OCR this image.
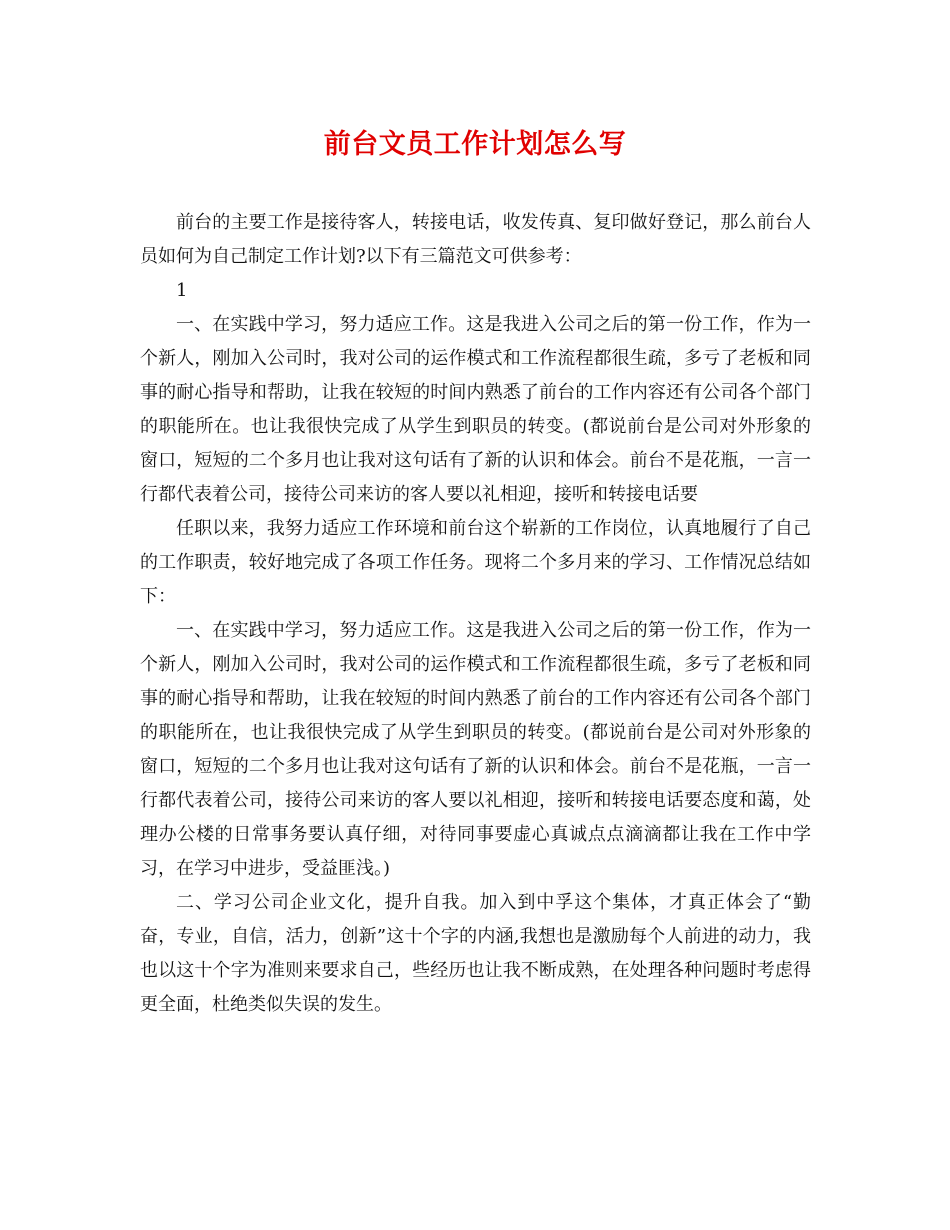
前台文员工作计划怎么写

前台的主要工作是接待客人，转接电话，收发传真、复印做好登记，那么前台人员如何为自己制定工作计划?以下有三篇范文可供参考：

1

一、在实践中学习，努力适应工作。这是我进入公司之后的第一份工作，作为一个新人，刚加入公司时，我对公司的运作模式和工作流程都很生疏，多亏了老板和同事的耐心指导和帮助，让我在较短的时间内熟悉了前台的工作内容还有公司各个部门的职能所在。也让我很快完成了从学生到职员的转变。(都说前台是公司对外形象的窗口，短短的二个多月也让我对这句话有了新的认识和体会。前台不是花瓶，一言一行都代表着公司，接待公司来访的客人要以礼相迎，接听和转接电话要

任职以来，我努力适应工作环境和前台这个崭新的工作岗位，认真地履行了自己的工作职责，较好地完成了各项工作任务。现将二个多月来的学习、工作情况总结如下：

一、在实践中学习，努力适应工作。这是我进入公司之后的第一份工作，作为一个新人，刚加入公司时，我对公司的运作模式和工作流程都很生疏，多亏了老板和同事的耐心指导和帮助，让我在较短的时间内熟悉了前台的工作内容还有公司各个部门的职能所在，也让我很快完成了从学生到职员的转变。(都说前台是公司对外形象的窗口，短短的二个多月也让我对这句话有了新的认识和体会。前台不是花瓶，一言一行都代表着公司，接待公司来访的客人要以礼相迎，接听和转接电话要态度和蔼，处理办公楼的日常事务要认真仔细，对待同事要虚心真诚点点滴滴都让我在工作中学习，在学习中进步，受益匪浅。)

二、学习公司企业文化，提升自我。加入到中孚这个集体，才真正体会了“勤奋，专业，自信，活力，创新”这十个字的内涵,我想也是激励每个人前进的动力，我也以这十个字为准则来要求自己，些经历也让我不断成熟，在处理各种问题时考虑得更全面，杜绝类似失误的发生。
